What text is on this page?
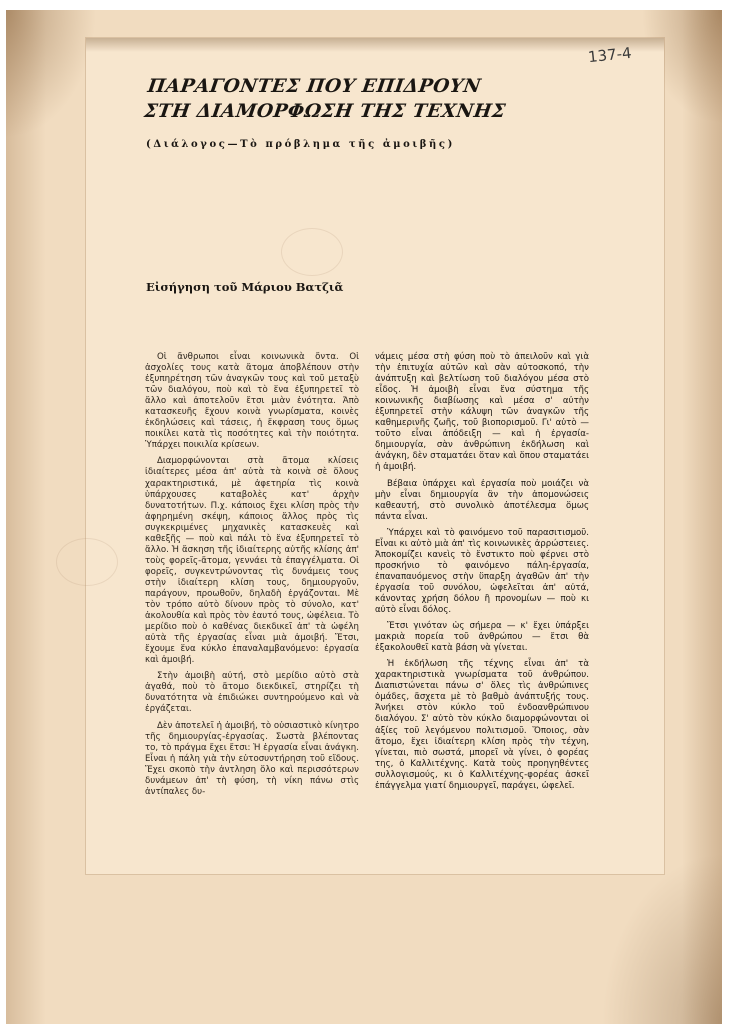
137-4
ΠΑΡΑΓΟΝΤΕΣ ΠΟΥ ΕΠΙΔΡΟΥΝ
ΣΤΗ ΔΙΑΜΟΡΦΩΣΗ ΤΗΣ ΤΕΧΝΗΣ
(Διάλογος—Τὸ πρόβλημα τῆς ἀμοιβῆς)
Εἰσήγηση τοῦ Μάριου Βατζιᾶ

Οἱ ἄνθρωποι εἶναι κοινωνικὰ ὄντα. Οἱ ἀσχολίες τους κατὰ ἄτομα ἀποβλέπουν στὴν ἐξυπηρέτηση τῶν ἀναγκῶν τους καὶ τοῦ μεταξὺ τῶν διαλόγου, ποὺ καὶ τὸ ἕνα ἐξυπηρετεῖ τὸ ἄλλο καὶ ἀποτελοῦν ἔτσι μιὰν ἑνότητα. Ἀπὸ κατασκευῆς ἔχουν κοινὰ γνωρίσματα, κοινὲς ἐκδηλώσεις καὶ τάσεις, ἡ ἔκφραση τους ὅμως ποικίλει κατὰ τὶς ποσότητες καὶ τὴν ποιότητα. Ὑπάρχει ποικιλία κρίσεων.

Διαμορφώνονται στὰ ἄτομα κλίσεις ἰδιαίτερες μέσα ἀπ' αὐτὰ τὰ κοινὰ σὲ ὅλους χαρακτηριστικά, μὲ ἀφετηρία τὶς κοινὰ ὑπάρχουσες καταβολὲς κατ' ἀρχὴν δυνατοτήτων. Π.χ. κάποιος ἔχει κλίση πρὸς τὴν ἀφηρημένη σκέψη, κάποιος ἄλλος πρὸς τὶς συγκεκριμένες μηχανικὲς κατασκευὲς καὶ καθεξῆς — ποὺ καὶ πάλι τὸ ἕνα ἐξυπηρετεῖ τὸ ἄλλο. Ἡ ἄσκηση τῆς ἰδιαίτερης αὐτῆς κλίσης ἀπ' τοὺς φορεῖς-ἄτομα, γεννάει τὰ ἐπαγγέλματα. Οἱ φορεῖς, συγκεντρώνοντας τὶς δυνάμεις τους στὴν ἰδιαίτερη κλίση τους, δημιουργοῦν, παράγουν, προωθοῦν, δηλαδὴ ἐργάζονται. Μὲ τὸν τρόπο αὐτὸ δίνουν πρὸς τὸ σύνολο, κατ' ἀκολουθία καὶ πρὸς τὸν ἑαυτό τους, ὠφέλεια. Τὸ μερίδιο ποὺ ὁ καθένας διεκδικεῖ ἀπ' τὰ ὠφέλη αὐτὰ τῆς ἐργασίας εἶναι μιὰ ἀμοιβή. Ἔτσι, ἔχουμε ἕνα κύκλο ἐπαναλαμβανόμενο: ἐργασία καὶ ἀμοιβή.

Στὴν ἀμοιβὴ αὐτή, στὸ μερίδιο αὐτὸ στὰ ἀγαθά, ποὺ τὸ ἄτομο διεκδικεῖ, στηρίζει τὴ δυνατότητα νὰ ἐπιδιώκει συντηρούμενο καὶ νὰ ἐργάζεται.

Δὲν ἀποτελεῖ ἡ ἀμοιβή, τὸ οὐσιαστικὸ κίνητρο τῆς δημιουργίας-ἐργασίας. Σωστὰ βλέποντας το, τὸ πράγμα ἔχει ἔτσι: Ἡ ἐργασία εἶναι ἀνάγκη. Εἶναι ἡ πάλη γιὰ τὴν εὐτοσυντήρηση τοῦ εἴδους. Ἔχει σκοπὸ τὴν ἀντληση ὅλο καὶ περισσότερων δυνάμεων ἀπ' τὴ φύση, τὴ νίκη πάνω στὶς ἀντίπαλες δυ-

νάμεις μέσα στὴ φύση ποὺ τὸ ἀπειλοῦν καὶ γιὰ τὴν ἐπιτυχία αὐτῶν καὶ σὰν αὐτοσκοπό, τὴν ἀνάπτυξη καὶ βελτίωση τοῦ διαλόγου μέσα στὸ εἶδος. Ἡ ἀμοιβὴ εἶναι ἕνα σύστημα τῆς κοινωνικῆς διαβίωσης καὶ μέσα σ' αὐτὴν ἐξυπηρετεῖ στὴν κάλυψη τῶν ἀναγκῶν τῆς καθημερινῆς ζωῆς, τοῦ βιοπορισμοῦ. Γι' αὐτὸ — τοῦτο εἶναι ἀπόδειξη — καὶ ἡ ἐργασία-δημιουργία, σὰν ἀνθρώπινη ἐκδήλωση καὶ ἀνάγκη, δὲν σταματάει ὅταν καὶ ὅπου σταματάει ἡ ἀμοιβή.

Βέβαια ὑπάρχει καὶ ἐργασία ποὺ μοιάζει νὰ μὴν εἶναι δημιουργία ἂν τὴν ἀπομονώσεις καθεαυτή, στὸ συνολικὸ ἀποτέλεσμα ὅμως πάντα εἶναι.

Ὑπάρχει καὶ τὸ φαινόμενο τοῦ παρασιτισμοῦ. Εἶναι κι αὐτὸ μιὰ ἀπ' τὶς κοινωνικὲς ἀρρώστειες. Ἀποκομίζει κανεὶς τὸ ἔνστικτο ποὺ φέρνει στὸ προσκήνιο τὸ φαινόμενο πάλη-ἐργασία, ἐπαναπαυόμενος στὴν ὕπαρξη ἀγαθῶν ἀπ' τὴν ἐργασία τοῦ συνόλου, ὠφελεῖται ἀπ' αὐτά, κάνοντας χρήση δόλου ἢ προνομίων — ποὺ κι αὐτὸ εἶναι δόλος.

Ἔτσι γινόταν ὡς σήμερα — κ' ἔχει ὑπάρξει μακριὰ πορεία τοῦ ἀνθρώπου — ἔτσι θὰ ἐξακολουθεῖ κατὰ βάση νὰ γίνεται.

Ἡ ἐκδήλωση τῆς τέχνης εἶναι ἀπ' τὰ χαρακτηριστικὰ γνωρίσματα τοῦ ἀνθρώπου. Διαπιστώνεται πάνω σ' ὅλες τὶς ἀνθρώπινες ὁμάδες, ἄσχετα μὲ τὸ βαθμὸ ἀνάπτυξής τους. Ἀνήκει στὸν κύκλο τοῦ ἐνδοανθρώπινου διαλόγου. Σ' αὐτὸ τὸν κύκλο διαμορφώνονται οἱ ἀξίες τοῦ λεγόμενου πολιτισμοῦ. Ὅποιος, σὰν ἄτομο, ἔχει ἰδιαίτερη κλίση πρὸς τὴν τέχνη, γίνεται, πιὸ σωστά, μπορεῖ νὰ γίνει, ὁ φορέας της, ὁ Καλλιτέχνης. Κατὰ τοὺς προηγηθέντες συλλογισμούς, κι ὁ Καλλιτέχνης-φορέας ἀσκεῖ ἐπάγγελμα γιατί δημιουργεῖ, παράγει, ὠφελεῖ.
